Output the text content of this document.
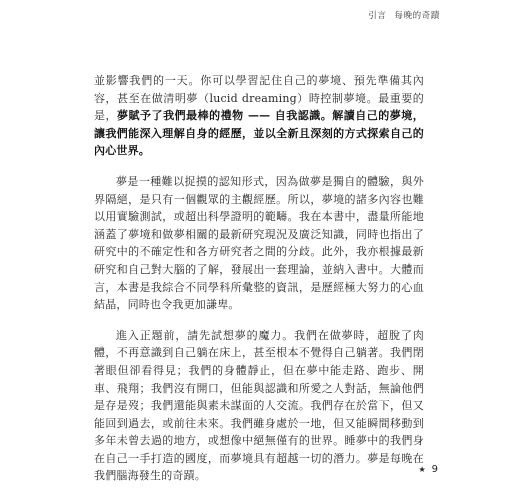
引言 每晚的奇蹟

並影響我們的一天。你可以學習記住自己的夢境、預先準備其內容，甚至在做清明夢（lucid dreaming）時控制夢境。最重要的是，夢賦予了我們最棒的禮物 —— 自我認識。解讀自己的夢境，讓我們能深入理解自身的經歷，並以全新且深刻的方式探索自己的內心世界。

夢是一種難以捉摸的認知形式，因為做夢是獨自的體驗，與外界隔絕，是只有一個觀眾的主觀經歷。所以，夢境的諸多內容也難以用實驗測試，或超出科學證明的範疇。我在本書中，盡量所能地涵蓋了夢境和做夢相關的最新研究現況及廣泛知識，同時也指出了研究中的不確定性和各方研究者之間的分歧。此外，我亦根據最新研究和自己對大腦的了解，發展出一套理論，並納入書中。大體而言，本書是我綜合不同學科所彙整的資訊，是歷經極大努力的心血結晶，同時也令我更加謙卑。

進入正題前，請先試想夢的魔力。我們在做夢時，超脫了肉體，不再意識到自己躺在床上，甚至根本不覺得自己躺著。我們閉著眼但卻看得見；我們的身體靜止，但在夢中能走路、跑步、開車、飛翔；我們沒有開口，但能與認識和所愛之人對話，無論他們是存是歿；我們還能與素未謀面的人交流。我們存在於當下，但又能回到過去，或前往未來。我們雖身處於一地，但又能瞬間移動到多年未曾去過的地方，或想像中絕無僅有的世界。睡夢中的我們身在自己一手打造的國度，而夢境具有超越一切的潛力。夢是每晚在我們腦海發生的奇蹟。	★ 9
